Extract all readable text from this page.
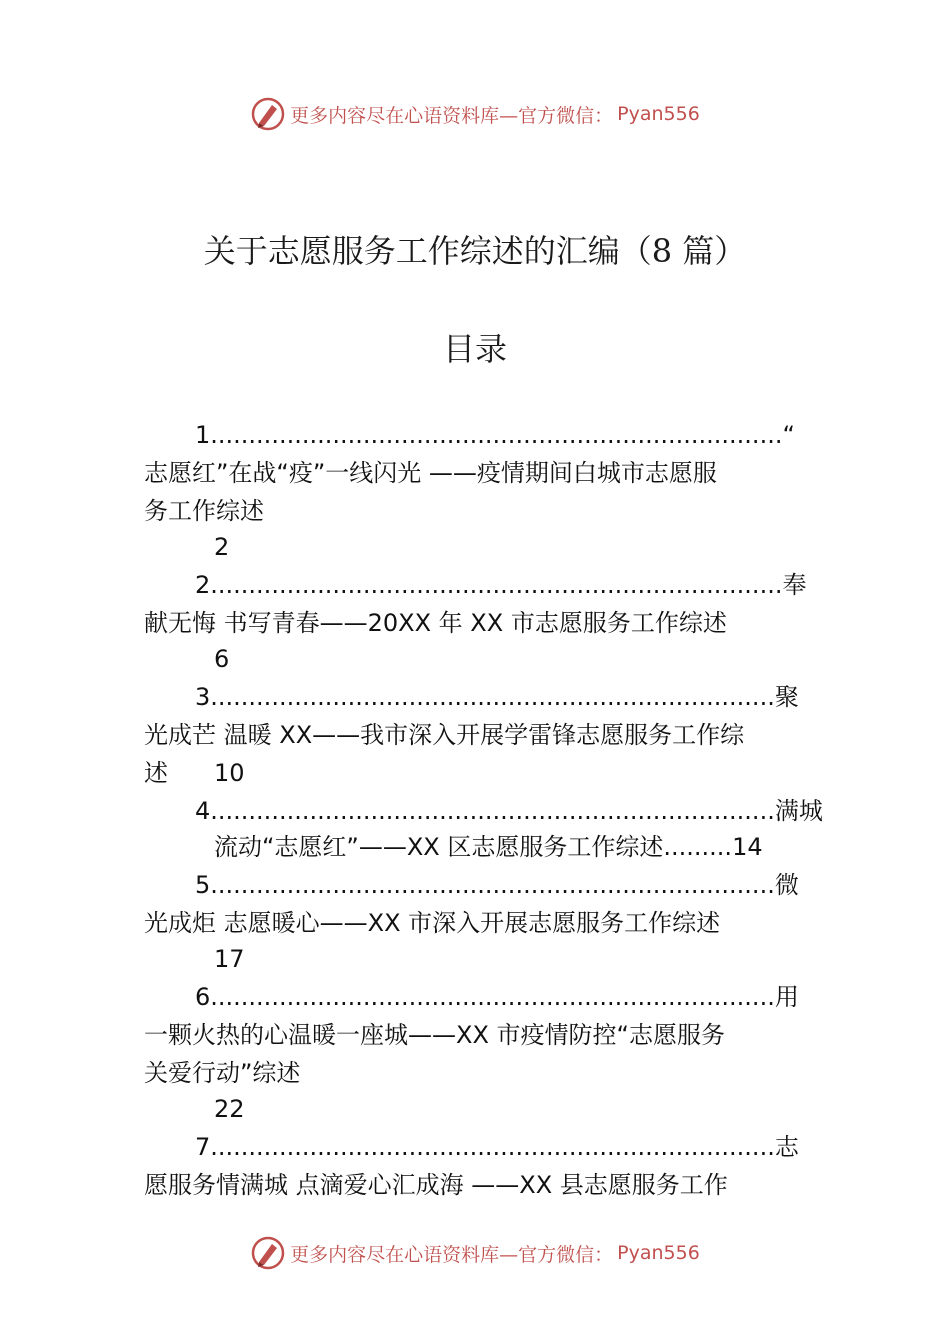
更多内容尽在心语资料库—官方微信： Pyan556
关于志愿服务工作综述的汇编（8 篇）
目录
1...........................................................................“
志愿红”在战“疫”一线闪光 ——疫情期间白城市志愿服
务工作综述
2
2...........................................................................奉
献无悔 书写青春——20XX 年 XX 市志愿服务工作综述
6
3..........................................................................聚
光成芒 温暖 XX——我市深入开展学雷锋志愿服务工作综
述 10
4..........................................................................满城
流动“志愿红”——XX 区志愿服务工作综述.........14
5..........................................................................微
光成炬 志愿暖心——XX 市深入开展志愿服务工作综述
17
6..........................................................................用
一颗火热的心温暖一座城——XX 市疫情防控“志愿服务
关爱行动”综述
22
7..........................................................................志
愿服务情满城 点滴爱心汇成海 ——XX 县志愿服务工作
更多内容尽在心语资料库—官方微信： Pyan556
